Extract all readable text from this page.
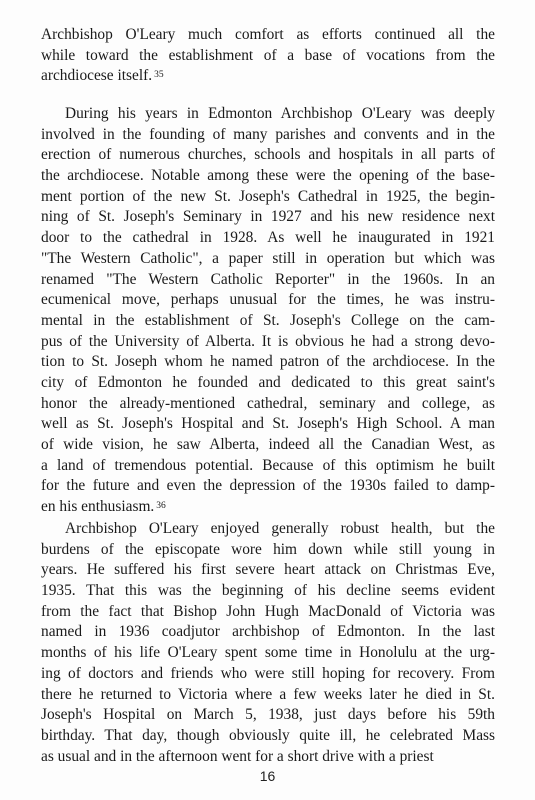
Archbishop O'Leary much comfort as efforts continued all the
while toward the establishment of a base of vocations from the
archdiocese itself. $^{35}$
During his years in Edmonton Archbishop O'Leary was deeply
involved in the founding of many parishes and convents and in the
erection of numerous churches, schools and hospitals in all parts of
the archdiocese. Notable among these were the opening of the base-
ment portion of the new St. Joseph's Cathedral in 1925, the begin-
ning of St. Joseph's Seminary in 1927 and his new residence next
door to the cathedral in 1928. As well he inaugurated in 1921
"The Western Catholic", a paper still in operation but which was
renamed "The Western Catholic Reporter" in the 1960s. In an
ecumenical move, perhaps unusual for the times, he was instru-
mental in the establishment of St. Joseph's College on the cam-
pus of the University of Alberta. It is obvious he had a strong devo-
tion to St. Joseph whom he named patron of the archdiocese. In the
city of Edmonton he founded and dedicated to this great saint's
honor the already-mentioned cathedral, seminary and college, as
well as St. Joseph's Hospital and St. Joseph's High School. A man
of wide vision, he saw Alberta, indeed all the Canadian West, as
a land of tremendous potential. Because of this optimism he built
for the future and even the depression of the 1930s failed to damp-
en his enthusiasm. $^{36}$
Archbishop O'Leary enjoyed generally robust health, but the
burdens of the episcopate wore him down while still young in
years. He suffered his first severe heart attack on Christmas Eve,
1935. That this was the beginning of his decline seems evident
from the fact that Bishop John Hugh MacDonald of Victoria was
named in 1936 coadjutor archbishop of Edmonton. In the last
months of his life O'Leary spent some time in Honolulu at the urg-
ing of doctors and friends who were still hoping for recovery. From
there he returned to Victoria where a few weeks later he died in St.
Joseph's Hospital on March 5, 1938, just days before his 59th
birthday. That day, though obviously quite ill, he celebrated Mass
as usual and in the afternoon went for a short drive with a priest
16
